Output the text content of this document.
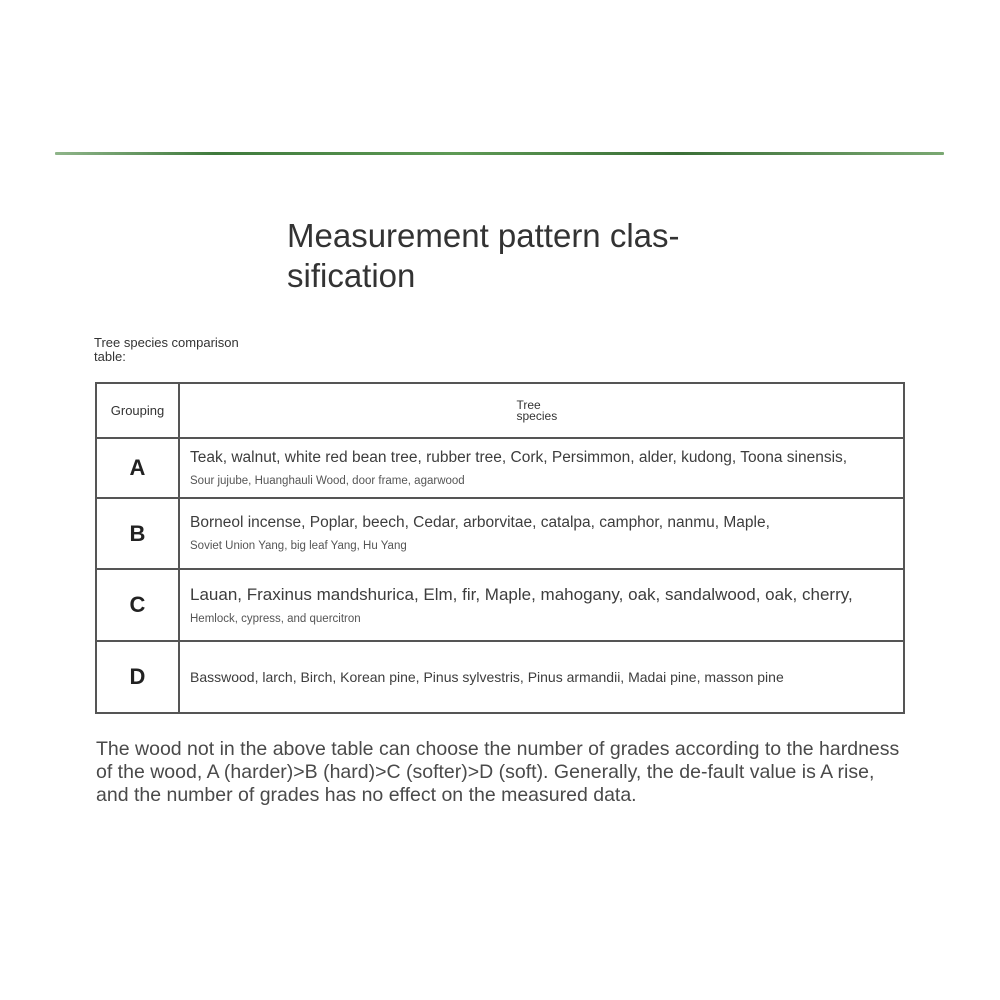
Measurement pattern clas-
sification
Tree species comparison table:
Grouping	Tree species
A	Teak, walnut, white red bean tree, rubber tree, Cork, Persimmon, alder, kudong, Toona sinensis,
Sour jujube, Huanghauli Wood, door frame, agarwood

B	Borneol incense, Poplar, beech, Cedar, arborvitae, catalpa, camphor, nanmu, Maple,
Soviet Union Yang, big leaf Yang, Hu Yang

C	Lauan, Fraxinus mandshurica, Elm, fir, Maple, mahogany, oak, sandalwood, oak, cherry,
Hemlock, cypress, and quercitron

D	Basswood, larch, Birch, Korean pine, Pinus sylvestris, Pinus armandii, Madai pine, masson pine

The wood not in the above table can choose the number of grades according to the hardness of the wood, A (harder)>B (hard)>C (softer)>D (soft). Generally, the de-fault value is A rise, and the number of grades has no effect on the measured data.
